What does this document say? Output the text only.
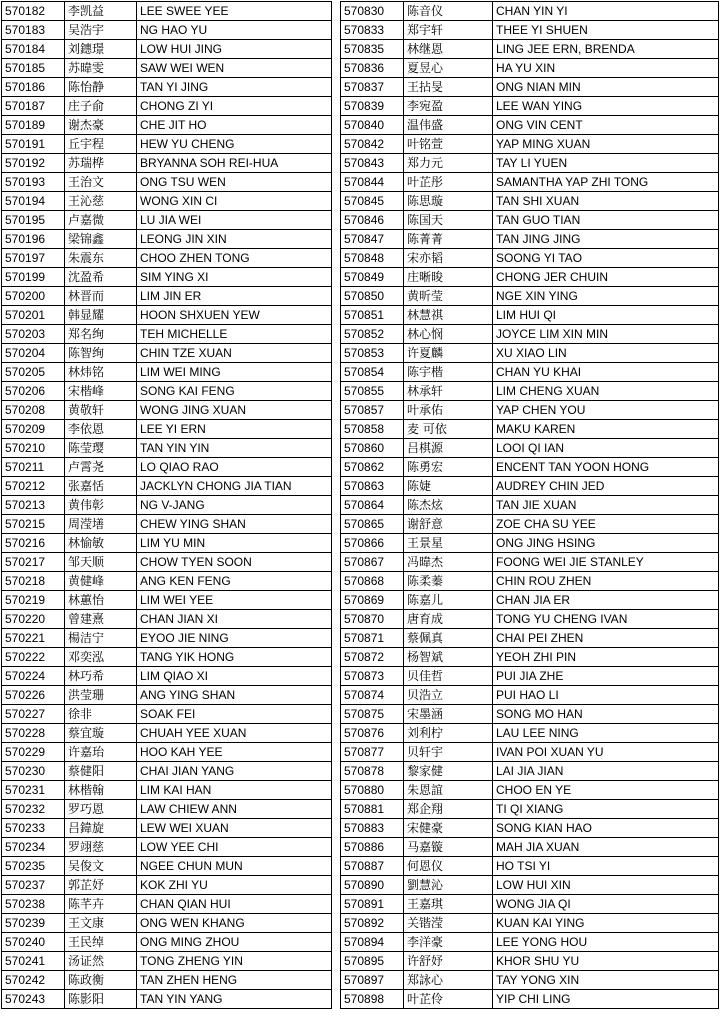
570182	李凯益	LEE SWEE YEE
570183	吴浩宇	NG HAO YU
570184	刘鏸璟	LOW HUI JING
570185	苏暐雯	SAW WEI WEN
570186	陈怡静	TAN YI JING
570187	庄子俞	CHONG ZI YI
570189	谢杰豪	CHE JIT HO
570191	丘宇程	HEW YU CHENG
570192	苏瑞桦	BRYANNA SOH REI-HUA
570193	王治文	ONG TSU WEN
570194	王沁慈	WONG XIN CI
570195	卢嘉微	LU JIA WEI
570196	梁锦鑫	LEONG JIN XIN
570197	朱震东	CHOO ZHEN TONG
570199	沈盈希	SIM YING XI
570200	林晋而	LIM JIN ER
570201	韩显耀	HOON SHXUEN YEW
570203	郑名绚	TEH MICHELLE
570204	陈智绚	CHIN TZE XUAN
570205	林炜铭	LIM WEI MING
570206	宋楷峰	SONG KAI FENG
570208	黄敬轩	WONG JING XUAN
570209	李依恩	LEE YI ERN
570210	陈莹璎	TAN YIN YIN
570211	卢霄尧	LO QIAO RAO
570212	张嘉恬	JACKLYN CHONG JIA TIAN
570213	黄伟彰	NG V-JANG
570215	周滢墡	CHEW YING SHAN
570216	林愉敏	LIM YU MIN
570217	邹天顺	CHOW TYEN SOON
570218	黄健峰	ANG KEN FENG
570219	林蕙怡	LIM WEI YEE
570220	曾建熹	CHAN JIAN XI
570221	楊洁宁	EYOO JIE NING
570222	邓奕泓	TANG YIK HONG
570224	林巧希	LIM QIAO XI
570226	洪莹珊	ANG YING SHAN
570227	徐非	SOAK FEI
570228	蔡宜璇	CHUAH YEE XUAN
570229	许嘉珆	HOO KAH YEE
570230	蔡健阳	CHAI JIAN YANG
570231	林楷翰	LIM KAI HAN
570232	罗巧恩	LAW CHIEW ANN
570233	吕鍏旋	LEW WEI XUAN
570234	罗翊慈	LOW YEE CHI
570235	吴俊文	NGEE CHUN MUN
570237	郭芷妤	KOK ZHI YU
570238	陈芊卉	CHAN QIAN HUI
570239	王文康	ONG WEN KHANG
570240	王民绰	ONG MING ZHOU
570241	汤证然	TONG ZHENG YIN
570242	陈政衡	TAN ZHEN HENG
570243	陈影阳	TAN YIN YANG
570830	陈音仪	CHAN YIN YI
570833	郑宇轩	THEE YI SHUEN
570835	林继恩	LING JEE ERN, BRENDA
570836	夏昱心	HA YU XIN
570837	王拈旻	ONG NIAN MIN
570839	李宛盈	LEE WAN YING
570840	温伟盛	ONG VIN CENT
570842	叶铭萱	YAP MING XUAN
570843	郑力元	TAY LI YUEN
570844	叶芷彤	SAMANTHA YAP ZHI TONG
570845	陈思璇	TAN SHI XUAN
570846	陈国天	TAN GUO TIAN
570847	陈菁菁	TAN JING JING
570848	宋亦韬	SOONG YI TAO
570849	庄晰晙	CHONG JER CHUIN
570850	黄昕莹	NGE XIN YING
570851	林慧祺	LIM HUI QI
570852	林心悯	JOYCE LIM XIN MIN
570853	许夏麟	XU XIAO LIN
570854	陈宇楷	CHAN YU KHAI
570855	林承轩	LIM CHENG XUAN
570857	叶承佑	YAP CHEN YOU
570858	麦 可依	MAKU KAREN
570860	吕棋源	LOOI QI IAN
570862	陈勇宏	ENCENT TAN YOON HONG
570863	陈婕	AUDREY CHIN JED
570864	陈杰炫	TAN JIE XUAN
570865	谢舒意	ZOE CHA SU YEE
570866	王景星	ONG JING HSING
570867	冯暐杰	FOONG WEI JIE STANLEY
570868	陈柔蓁	CHIN ROU ZHEN
570869	陈嘉儿	CHAN JIA ER
570870	唐育成	TONG YU CHENG IVAN
570871	蔡佩真	CHAI PEI ZHEN
570872	杨智斌	YEOH ZHI PIN
570873	贝佳哲	PUI JIA ZHE
570874	贝浩立	PUI HAO LI
570875	宋墨涵	SONG MO HAN
570876	刘利柠	LAU LEE NING
570877	贝轩宇	IVAN POI XUAN YU
570878	黎家健	LAI JIA JIAN
570880	朱恩誼	CHOO EN YE
570881	郑企翔	TI QI XIANG
570883	宋健豪	SONG KIAN HAO
570886	马嘉镟	MAH JIA XUAN
570887	何恩仪	HO TSI YI
570890	劉慧沁	LOW HUI XIN
570891	王嘉琪	WONG JIA QI
570892	关锴滢	KUAN KAI YING
570894	李洋豪	LEE YONG HOU
570895	许舒妤	KHOR SHU YU
570897	郑詠心	TAY YONG XIN
570898	叶芷伶	YIP CHI LING
